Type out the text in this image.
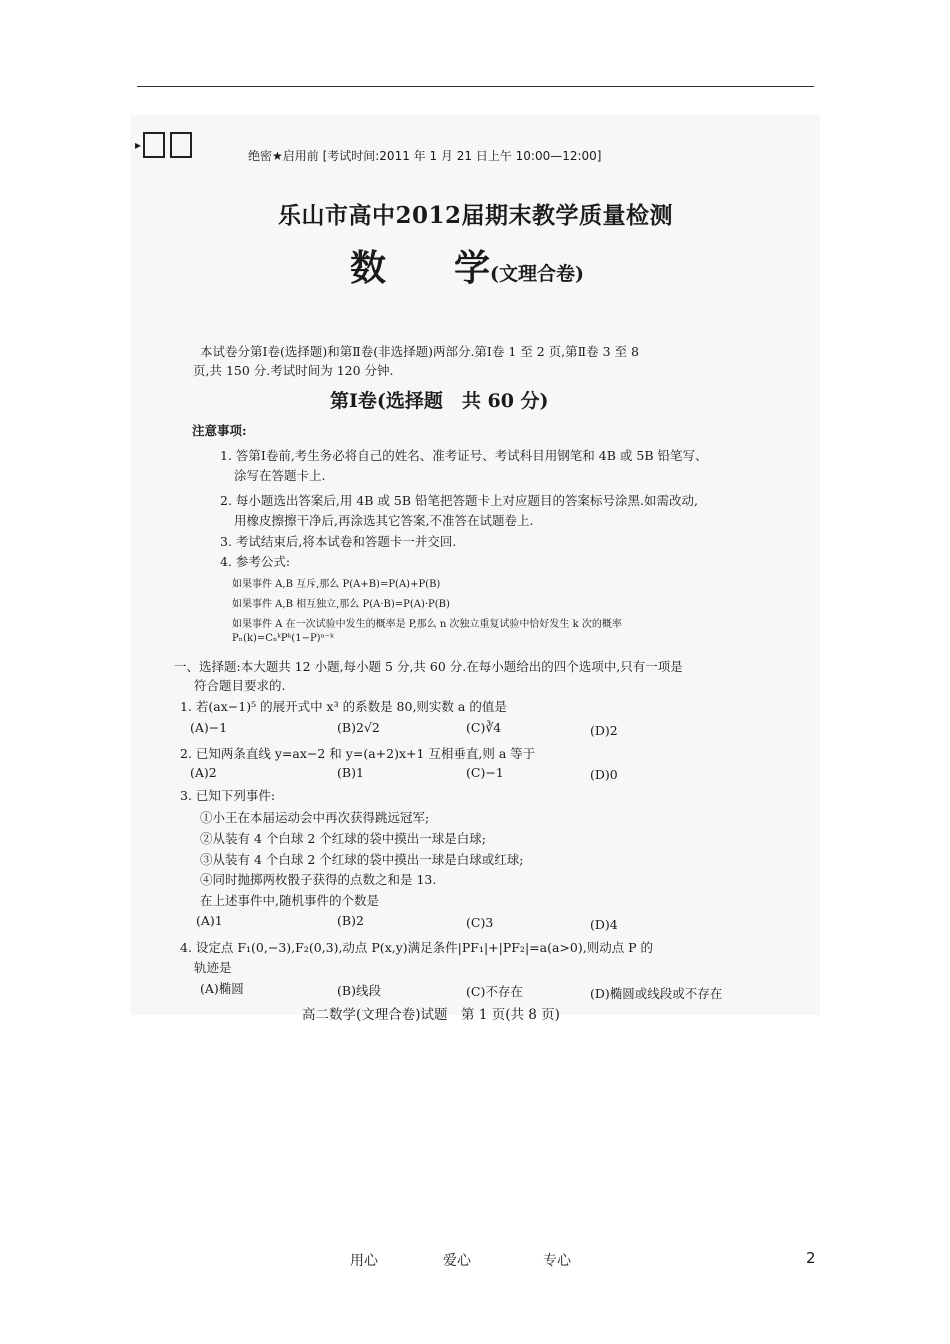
▸
绝密★启用前 [考试时间:2011 年 1 月 21 日上午 10:00—12:00]
乐山市高中2012届期末教学质量检测
数 学(文理合卷)
本试卷分第Ⅰ卷(选择题)和第Ⅱ卷(非选择题)两部分.第Ⅰ卷 1 至 2 页,第Ⅱ卷 3 至 8
页,共 150 分.考试时间为 120 分钟.
第Ⅰ卷(选择题　共 60 分)
注意事项:
1. 答第Ⅰ卷前,考生务必将自己的姓名、准考证号、考试科目用钢笔和 4B 或 5B 铅笔写、
涂写在答题卡上.
2. 每小题选出答案后,用 4B 或 5B 铅笔把答题卡上对应题目的答案标号涂黑.如需改动,
用橡皮擦擦干净后,再涂选其它答案,不准答在试题卷上.
3. 考试结束后,将本试卷和答题卡一并交回.
4. 参考公式:
如果事件 A,B 互斥,那么 P(A+B)=P(A)+P(B)
如果事件 A,B 相互独立,那么 P(A·B)=P(A)·P(B)
如果事件 A 在一次试验中发生的概率是 P,那么 n 次独立重复试验中恰好发生 k 次的概率
Pₙ(k)=CₙᵏPᵏ(1−P)ⁿ⁻ᵏ
一、选择题:本大题共 12 小题,每小题 5 分,共 60 分.在每小题给出的四个选项中,只有一项是
符合题目要求的.
1. 若(ax−1)⁵ 的展开式中 x³ 的系数是 80,则实数 a 的值是
(A)−1	(B)2√2	(C)∛4	(D)2
2. 已知两条直线 y=ax−2 和 y=(a+2)x+1 互相垂直,则 a 等于
(A)2	(B)1	(C)−1	(D)0
3. 已知下列事件:
①小王在本届运动会中再次获得跳远冠军;
②从装有 4 个白球 2 个红球的袋中摸出一球是白球;
③从装有 4 个白球 2 个红球的袋中摸出一球是白球或红球;
④同时抛掷两枚骰子获得的点数之和是 13.
在上述事件中,随机事件的个数是
(A)1	(B)2	(C)3	(D)4
4. 设定点 F₁(0,−3),F₂(0,3),动点 P(x,y)满足条件|PF₁|+|PF₂|=a(a>0),则动点 P 的
轨迹是
(A)椭圆	(B)线段	(C)不存在	(D)椭圆或线段或不存在
高二数学(文理合卷)试题　第 1 页(共 8 页)
用心	爱心	专心	2
